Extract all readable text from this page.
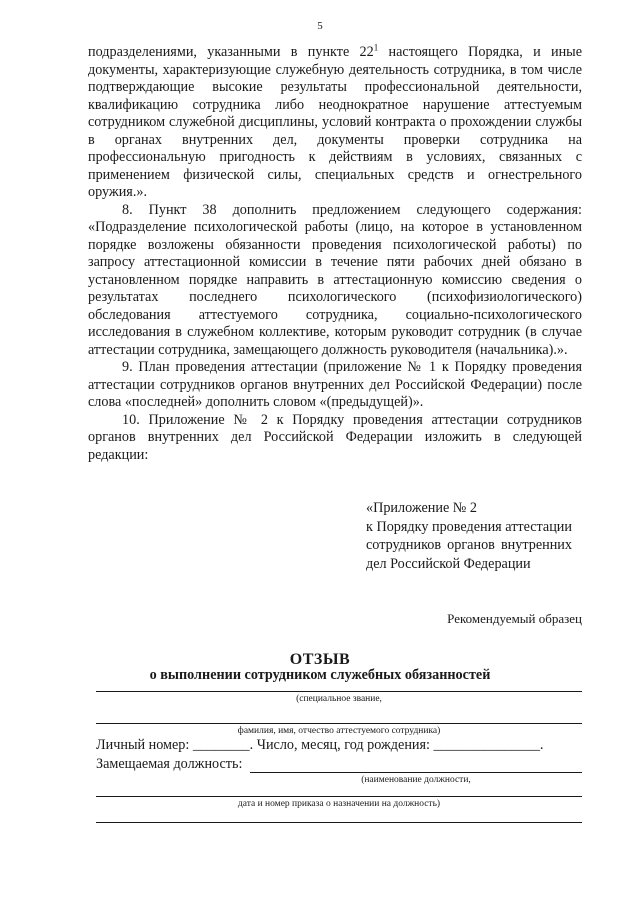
5

подразделениями, указанными в пункте $22^1$ настоящего Порядка, и иные документы, характеризующие служебную деятельность сотрудника, в том числе подтверждающие высокие результаты профессиональной деятельности, квалификацию сотрудника либо неоднократное нарушение аттестуемым сотрудником служебной дисциплины, условий контракта о прохождении службы в органах внутренних дел, документы проверки сотрудника на профессиональную пригодность к действиям в условиях, связанных с применением физической силы, специальных средств и огнестрельного оружия.».

8. Пункт 38 дополнить предложением следующего содержания: «Подразделение психологической работы (лицо, на которое в установленном порядке возложены обязанности проведения психологической работы) по запросу аттестационной комиссии в течение пяти рабочих дней обязано в установленном порядке направить в аттестационную комиссию сведения о результатах последнего психологического (психофизиологического) обследования аттестуемого сотрудника, социально-психологического исследования в служебном коллективе, которым руководит сотрудник (в случае аттестации сотрудника, замещающего должность руководителя (начальника).».

9. План проведения аттестации (приложение № 1 к Порядку проведения аттестации сотрудников органов внутренних дел Российской Федерации) после слова «последней» дополнить словом «(предыдущей)».

10. Приложение № 2 к Порядку проведения аттестации сотрудников органов внутренних дел Российской Федерации изложить в следующей редакции:

«Приложение № 2

к Порядку проведения аттестации сотрудников органов внутренних дел Российской Федерации

Рекомендуемый образец
ОТЗЫВ
о выполнении сотрудником служебных обязанностей
(специальное звание,
фамилия, имя, отчество аттестуемого сотрудника)
Личный номер: ________. Число, месяц, год рождения: _______________.
Замещаемая должность:
(наименование должности,
дата и номер приказа о назначении на должность)
